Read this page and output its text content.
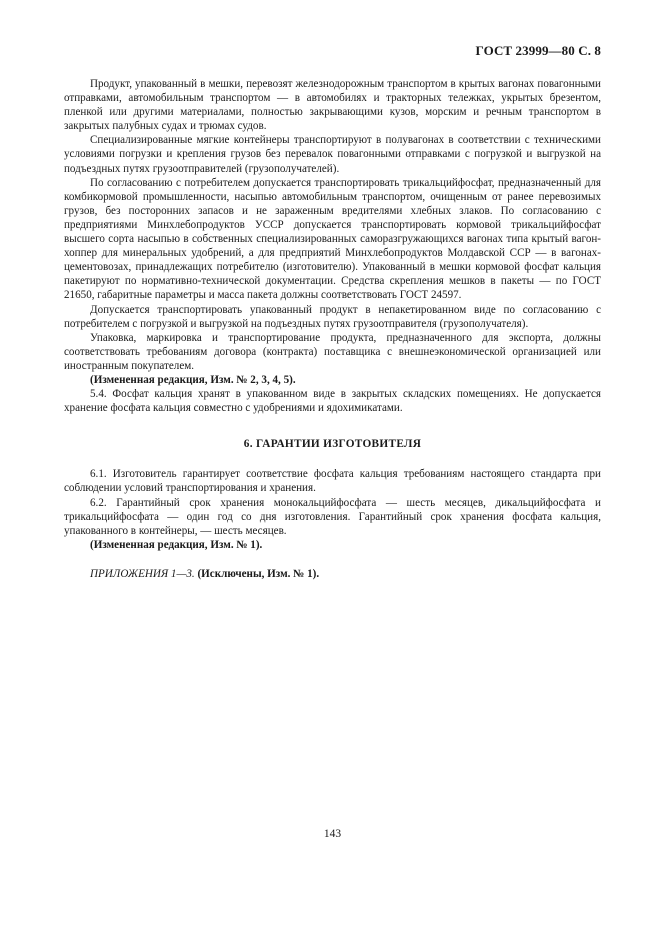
ГОСТ 23999—80 С. 8

Продукт, упакованный в мешки, перевозят железнодорожным транспортом в крытых вагонах повагонными отправками, автомобильным транспортом — в автомобилях и тракторных тележках, укрытых брезентом, пленкой или другими материалами, полностью закрывающими кузов, морским и речным транспортом в закрытых палубных судах и трюмах судов.

Специализированные мягкие контейнеры транспортируют в полувагонах в соответствии с техническими условиями погрузки и крепления грузов без перевалок повагонными отправками с погрузкой и выгрузкой на подъездных путях грузоотправителей (грузополучателей).

По согласованию с потребителем допускается транспортировать трикальцийфосфат, предназначенный для комбикормовой промышленности, насыпью автомобильным транспортом, очищенным от ранее перевозимых грузов, без посторонних запасов и не зараженным вредителями хлебных злаков. По согласованию с предприятиями Минхлебопродуктов УССР допускается транспортировать кормовой трикальцийфосфат высшего сорта насыпью в собственных специализированных саморазгружающихся вагонах типа крытый вагон-хоппер для минеральных удобрений, а для предприятий Минхлебопродуктов Молдавской ССР — в вагонах-цементовозах, принадлежащих потребителю (изготовителю). Упакованный в мешки кормовой фосфат кальция пакетируют по нормативно-технической документации. Средства скрепления мешков в пакеты — по ГОСТ 21650, габаритные параметры и масса пакета должны соответствовать ГОСТ 24597.

Допускается транспортировать упакованный продукт в непакетированном виде по согласованию с потребителем с погрузкой и выгрузкой на подъездных путях грузоотправителя (грузополучателя).

Упаковка, маркировка и транспортирование продукта, предназначенного для экспорта, должны соответствовать требованиям договора (контракта) поставщика с внешнеэкономической организацией или иностранным покупателем.

(Измененная редакция, Изм. № 2, 3, 4, 5).

5.4. Фосфат кальция хранят в упакованном виде в закрытых складских помещениях. Не допускается хранение фосфата кальция совместно с удобрениями и ядохимикатами.

6. ГАРАНТИИ ИЗГОТОВИТЕЛЯ

6.1. Изготовитель гарантирует соответствие фосфата кальция требованиям настоящего стандарта при соблюдении условий транспортирования и хранения.

6.2. Гарантийный срок хранения монокальцийфосфата — шесть месяцев, дикальцийфосфата и трикальцийфосфата — один год со дня изготовления. Гарантийный срок хранения фосфата кальция, упакованного в контейнеры, — шесть месяцев.

(Измененная редакция, Изм. № 1).
ПРИЛОЖЕНИЯ 1—3. (Исключены, Изм. № 1).
143
